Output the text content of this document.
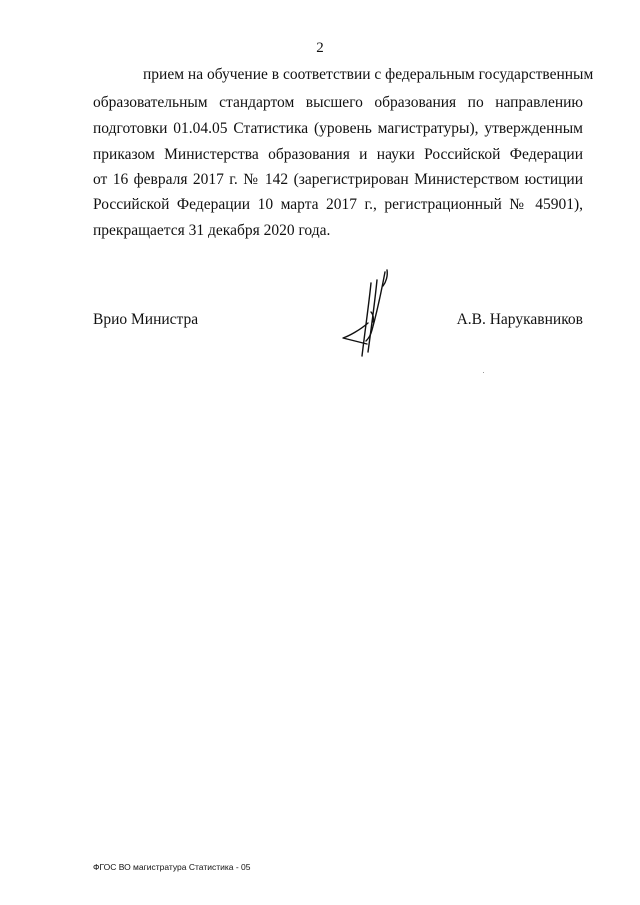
2
прием на обучение в соответствии с федеральным государственным
образовательным стандартом высшего образования по направлению
подготовки 01.04.05 Статистика (уровень магистратуры), утвержденным
приказом Министерства образования и науки Российской Федерации
от 16 февраля 2017 г. № 142 (зарегистрирован Министерством юстиции
Российской Федерации 10 марта 2017 г., регистрационный № 45901),
прекращается 31 декабря 2020 года.
Врио Министра	А.В. Нарукавников
ФГОС ВО магистратура Статистика - 05
